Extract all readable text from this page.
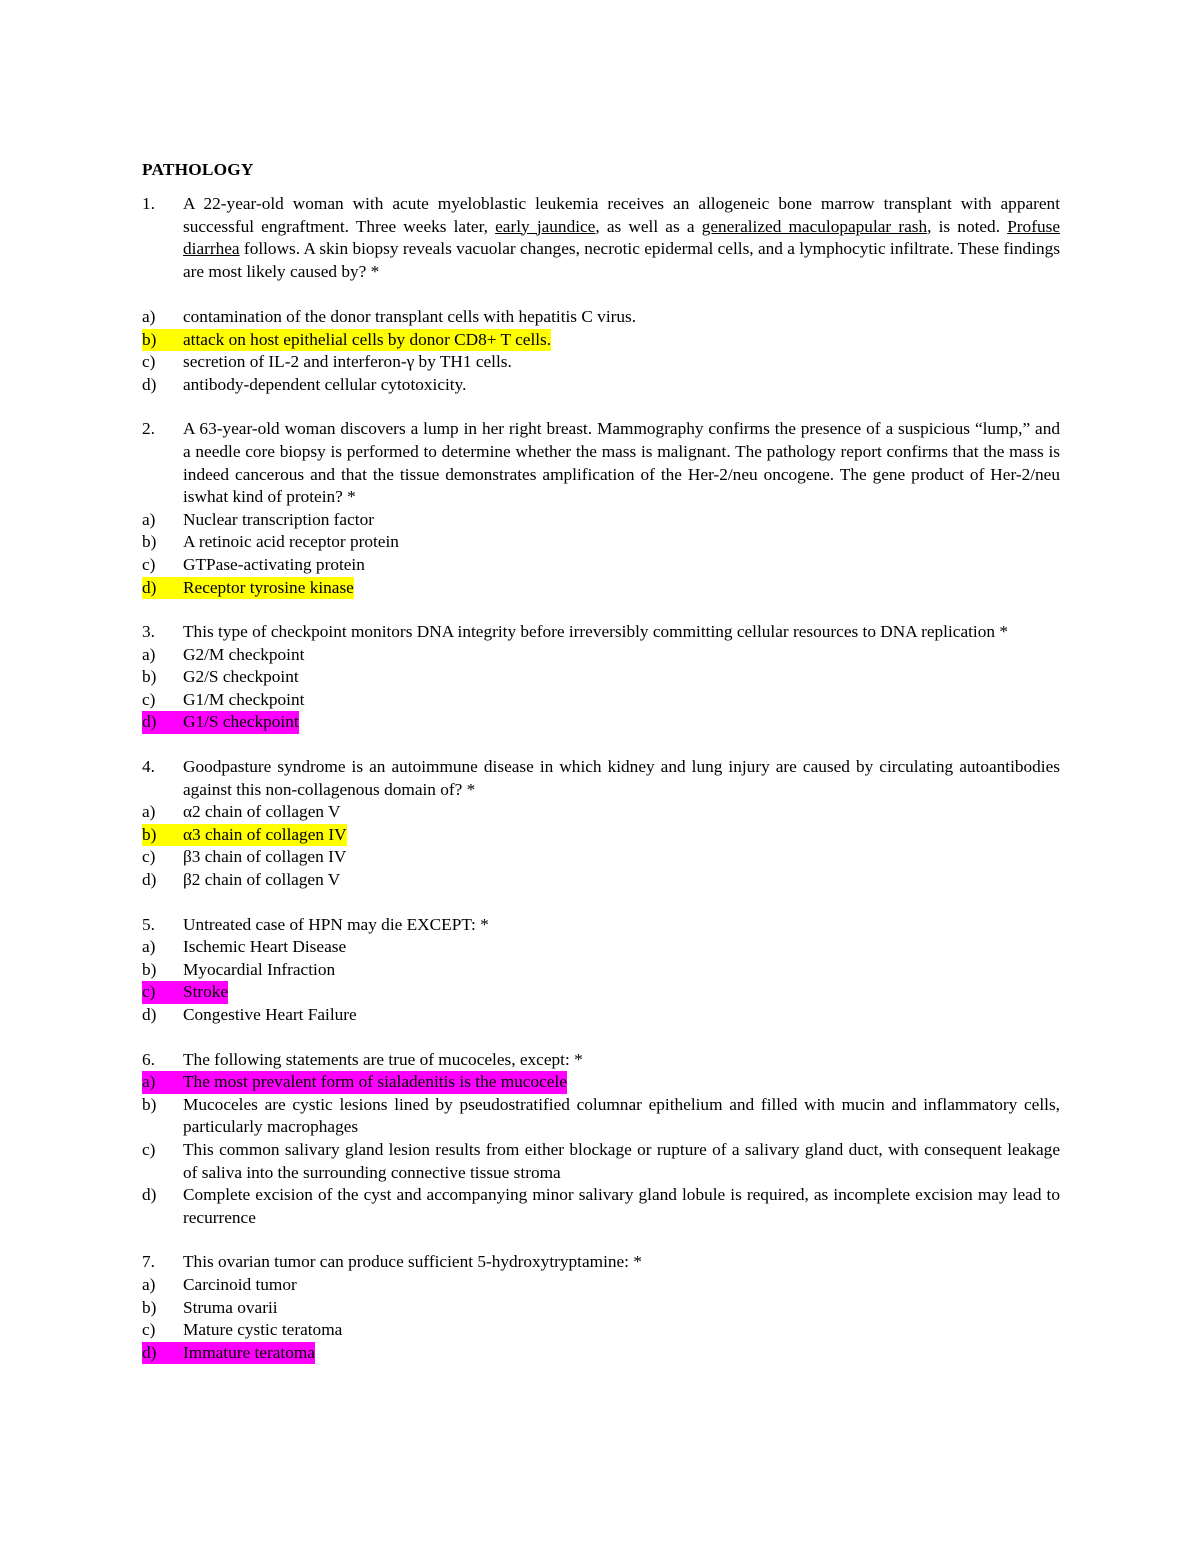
PATHOLOGY
1.	A 22-year-old woman with acute myeloblastic leukemia receives an allogeneic bone marrow transplant with apparent successful engraftment. Three weeks later, early jaundice, as well as a generalized maculopapular rash, is noted. Profuse diarrhea follows. A skin biopsy reveals vacuolar changes, necrotic epidermal cells, and a lymphocytic infiltrate. These findings are most likely caused by? *
a)	contamination of the donor transplant cells with hepatitis C virus.
b)	attack on host epithelial cells by donor CD8+ T cells.
c)	secretion of IL-2 and interferon-γ by TH1 cells.
d)	antibody-dependent cellular cytotoxicity.
2.	A 63-year-old woman discovers a lump in her right breast. Mammography confirms the presence of a suspicious “lump,” and a needle core biopsy is performed to determine whether the mass is malignant. The pathology report confirms that the mass is indeed cancerous and that the tissue demonstrates amplification of the Her-2/neu oncogene. The gene product of Her-2/neu iswhat kind of protein? *
a)	Nuclear transcription factor
b)	A retinoic acid receptor protein
c)	GTPase-activating protein
d)	Receptor tyrosine kinase
3.	This type of checkpoint monitors DNA integrity before irreversibly committing cellular resources to DNA replication *
a)	G2/M checkpoint
b)	G2/S checkpoint
c)	G1/M checkpoint
d)	G1/S checkpoint
4.	Goodpasture syndrome is an autoimmune disease in which kidney and lung injury are caused by circulating autoantibodies against this non-collagenous domain of? *
a)	α2 chain of collagen V
b)	α3 chain of collagen IV
c)	β3 chain of collagen IV
d)	β2 chain of collagen V
5.	Untreated case of HPN may die EXCEPT: *
a)	Ischemic Heart Disease
b)	Myocardial Infraction
c)	Stroke
d)	Congestive Heart Failure
6.	The following statements are true of mucoceles, except: *
a)	The most prevalent form of sialadenitis is the mucocele
b)	Mucoceles are cystic lesions lined by pseudostratified columnar epithelium and filled with mucin and inflammatory cells, particularly macrophages
c)	This common salivary gland lesion results from either blockage or rupture of a salivary gland duct, with consequent leakage of saliva into the surrounding connective tissue stroma
d)	Complete excision of the cyst and accompanying minor salivary gland lobule is required, as incomplete excision may lead to recurrence
7.	This ovarian tumor can produce sufficient 5-hydroxytryptamine: *
a)	Carcinoid tumor
b)	Struma ovarii
c)	Mature cystic teratoma
d)	Immature teratoma
